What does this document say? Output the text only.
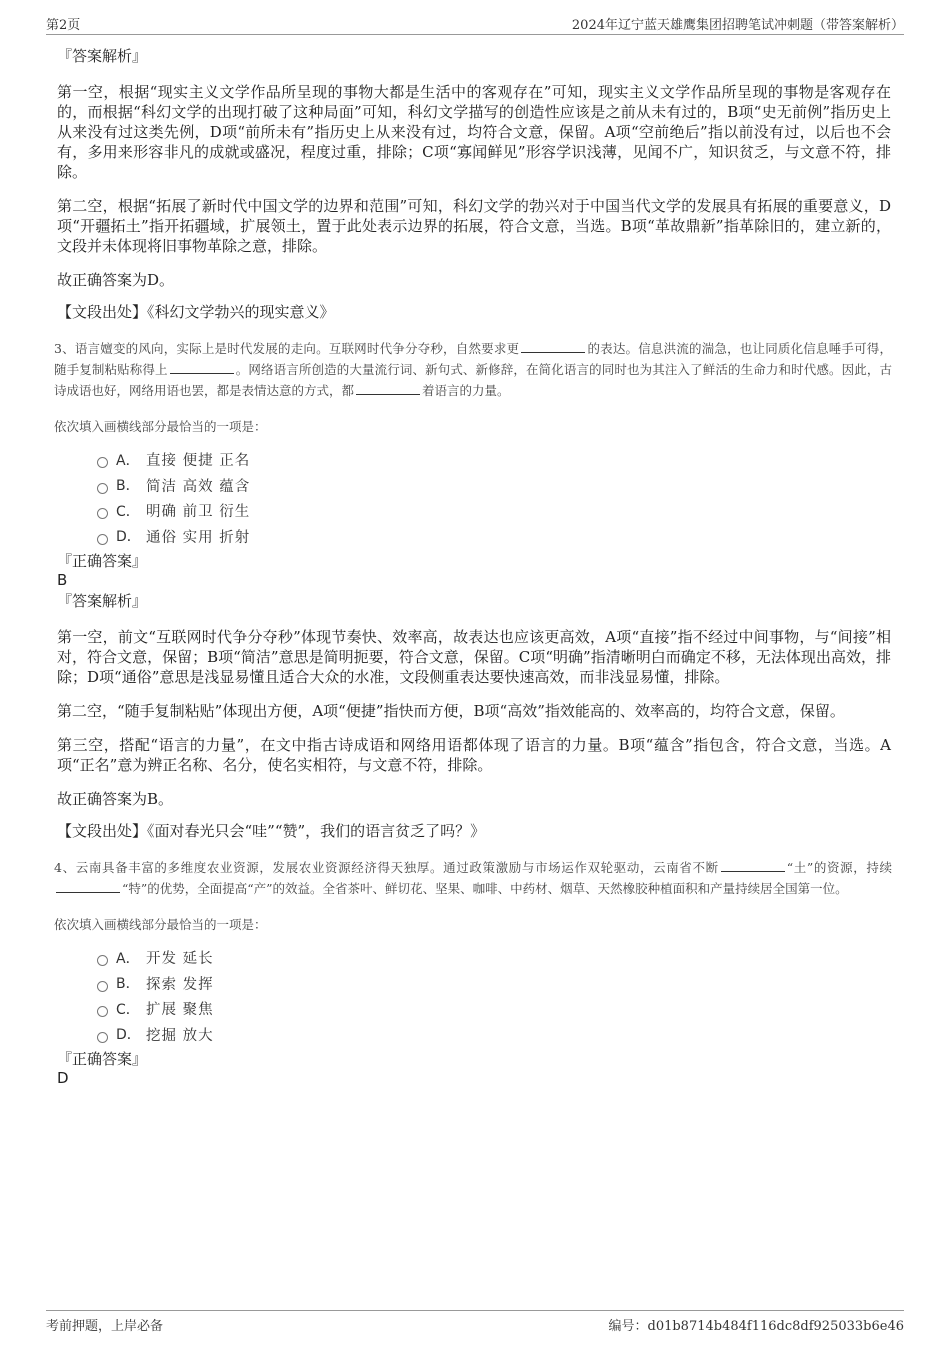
第2页	2024年辽宁蓝天雄鹰集团招聘笔试冲刺题（带答案解析）
『答案解析』

第一空，根据“现实主义文学作品所呈现的事物大都是生活中的客观存在”可知，现实主义文学作品所呈现的事物是客观存在的，而根据“科幻文学的出现打破了这种局面”可知，科幻文学描写的创造性应该是之前从未有过的，B项“史无前例”指历史上从来没有过这类先例，D项“前所未有”指历史上从来没有过，均符合文意，保留。A项“空前绝后”指以前没有过，以后也不会有，多用来形容非凡的成就或盛况，程度过重，排除；C项“寡闻鲜见”形容学识浅薄，见闻不广，知识贫乏，与文意不符，排除。

第二空，根据“拓展了新时代中国文学的边界和范围”可知，科幻文学的勃兴对于中国当代文学的发展具有拓展的重要意义，D项“开疆拓土”指开拓疆域，扩展领土，置于此处表示边界的拓展，符合文意，当选。B项“革故鼎新”指革除旧的，建立新的，文段并未体现将旧事物革除之意，排除。

故正确答案为D。

【文段出处】《科幻文学勃兴的现实意义》

3、语言嬗变的风向，实际上是时代发展的走向。互联网时代争分夺秒，自然要求更	的表达。信息洪流的湍急，也让同质化信息唾手可得，随手复制粘贴称得上	。网络语言所创造的大量流行词、新句式、新修辞，在简化语言的同时也为其注入了鲜活的生命力和时代感。因此，古诗成语也好，网络用语也罢，都是表情达意的方式，都	着语言的力量。

依次填入画横线部分最恰当的一项是：

A． 直接 便捷 正名
B． 简洁 高效 蕴含
C． 明确 前卫 衍生
D． 通俗 实用 折射
『正确答案』
B
『答案解析』

第一空，前文“互联网时代争分夺秒”体现节奏快、效率高，故表达也应该更高效，A项“直接”指不经过中间事物，与“间接”相对，符合文意，保留；B项“简洁”意思是简明扼要，符合文意，保留。C项“明确”指清晰明白而确定不移，无法体现出高效，排除；D项“通俗”意思是浅显易懂且适合大众的水准，文段侧重表达要快速高效，而非浅显易懂，排除。

第二空，“随手复制粘贴”体现出方便，A项“便捷”指快而方便，B项“高效”指效能高的、效率高的，均符合文意，保留。

第三空，搭配“语言的力量”，在文中指古诗成语和网络用语都体现了语言的力量。B项“蕴含”指包含，符合文意，当选。A项“正名”意为辨正名称、名分，使名实相符，与文意不符，排除。

故正确答案为B。

【文段出处】《面对春光只会“哇”“赞”，我们的语言贫乏了吗？》

4、云南具备丰富的多维度农业资源，发展农业资源经济得天独厚。通过政策激励与市场运作双轮驱动，云南省不断	“土”的资源，持续“特”的优势，全面提高“产”的效益。全省茶叶、鲜切花、坚果、咖啡、中药材、烟草、天然橡胶种植面积和产量持续居全国第一位。

依次填入画横线部分最恰当的一项是：

A． 开发 延长
B． 探索 发挥
C． 扩展 聚焦
D． 挖掘 放大
『正确答案』
D
考前押题，上岸必备	编号：d01b8714b484f116dc8df925033b6e46
